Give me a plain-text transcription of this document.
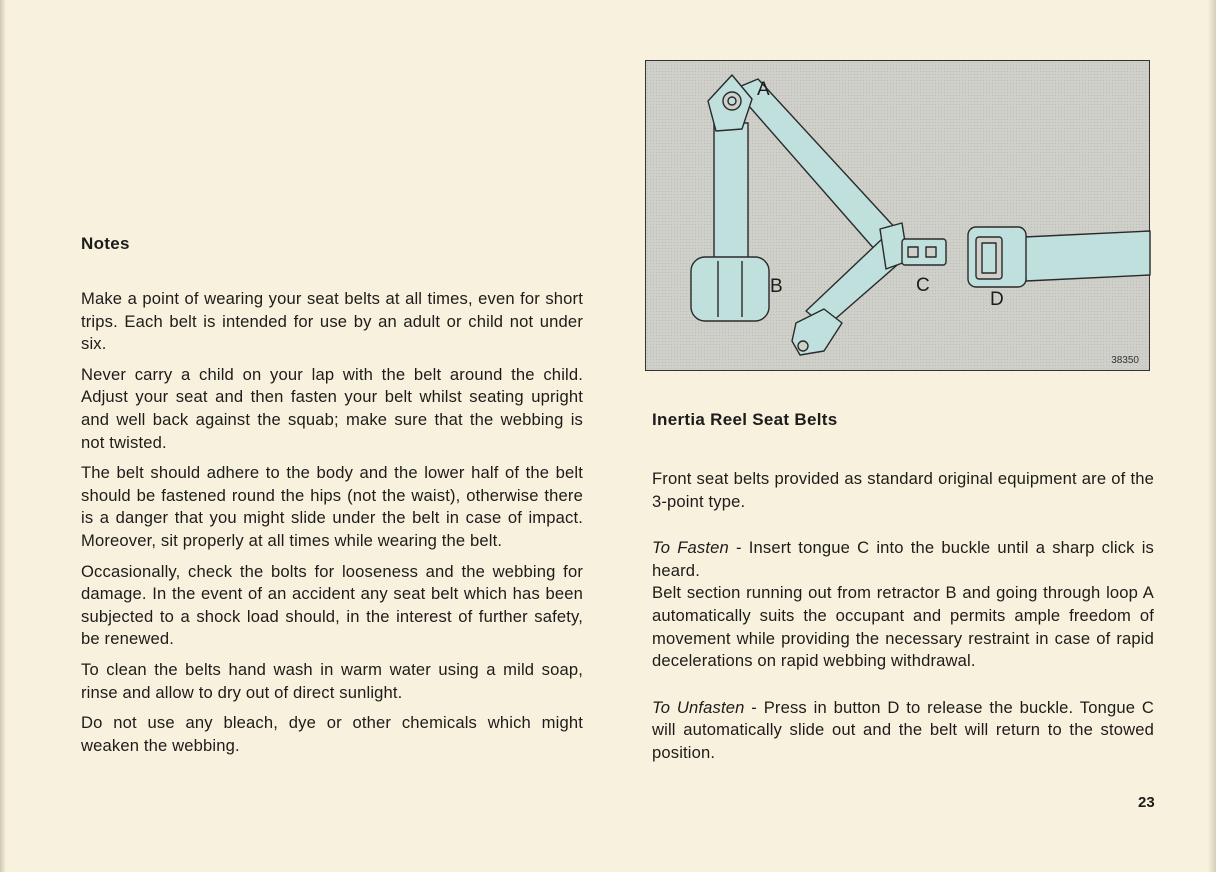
Notes

Make a point of wearing your seat belts at all times, even for short trips. Each belt is intended for use by an adult or child not under six.

Never carry a child on your lap with the belt around the child. Adjust your seat and then fasten your belt whilst seating upright and well back against the squab; make sure that the webbing is not twisted.

The belt should adhere to the body and the lower half of the belt should be fastened round the hips (not the waist), otherwise there is a danger that you might slide under the belt in case of impact. Moreover, sit properly at all times while wearing the belt.

Occasionally, check the bolts for looseness and the webbing for damage. In the event of an accident any seat belt which has been subjected to a shock load should, in the interest of further safety, be renewed.

To clean the belts hand wash in warm water using a mild soap, rinse and allow to dry out of direct sunlight.

Do not use any bleach, dye or other chemicals which might weaken the webbing.

A
B	C
D
38350
Inertia Reel Seat Belts

Front seat belts provided as standard original equipment are of the 3-point type.

To Fasten - Insert tongue C into the buckle until a sharp click is heard.

Belt section running out from retractor B and going through loop A automatically suits the occupant and permits ample freedom of movement while providing the necessary restraint in case of rapid decelerations on rapid webbing withdrawal.

To Unfasten - Press in button D to release the buckle. Tongue C will automatically slide out and the belt will return to the stowed position.

23
